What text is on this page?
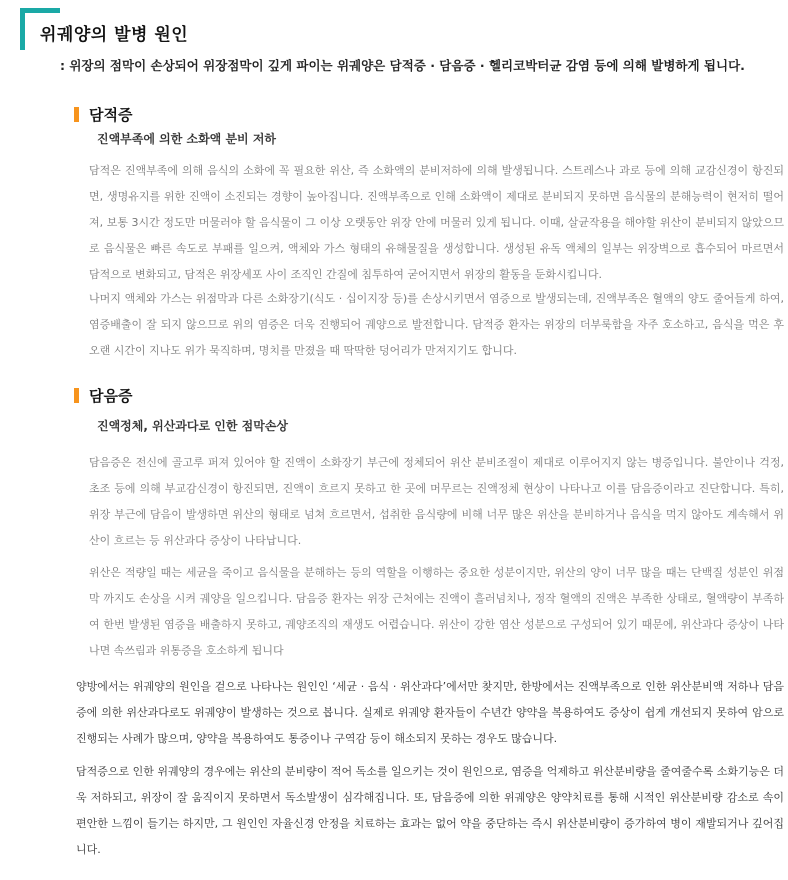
위궤양의 발병 원인

: 위장의 점막이 손상되어 위장점막이 깊게 파이는 위궤양은 담적증 · 담음증 · 헬리코박터균 감염 등에 의해 발병하게 됩니다.

담적증

진액부족에 의한 소화액 분비 저하

담적은 진액부족에 의해 음식의 소화에 꼭 필요한 위산, 즉 소화액의 분비저하에 의해 발생됩니다. 스트레스나 과로 등에 의해 교감신경이 항진되면, 생명유지를 위한 진액이 소진되는 경향이 높아집니다. 진액부족으로 인해 소화액이 제대로 분비되지 못하면 음식물의 분해능력이 현저히 떨어져, 보통 3시간 정도만 머물러야 할 음식물이 그 이상 오랫동안 위장 안에 머물러 있게 됩니다. 이때, 살균작용을 해야할 위산이 분비되지 않았으므로 음식물은 빠른 속도로 부패를 일으켜, 액체와 가스 형태의 유해물질을 생성합니다. 생성된 유독 액체의 일부는 위장벽으로 흡수되어 마르면서 담적으로 변화되고, 담적은 위장세포 사이 조직인 간질에 침투하여 굳어지면서 위장의 활동을 둔화시킵니다.

나머지 액체와 가스는 위점막과 다른 소화장기(식도 · 십이지장 등)를 손상시키면서 염증으로 발생되는데, 진액부족은 혈액의 양도 줄어들게 하여, 염증배출이 잘 되지 않으므로 위의 염증은 더욱 진행되어 궤양으로 발전합니다. 담적증 환자는 위장의 더부룩함을 자주 호소하고, 음식을 먹은 후 오랜 시간이 지나도 위가 묵직하며, 명치를 만졌을 때 딱딱한 덩어리가 만져지기도 합니다.

담음증

진액정체, 위산과다로 인한 점막손상

담음증은 전신에 골고루 퍼져 있어야 할 진액이 소화장기 부근에 정체되어 위산 분비조절이 제대로 이루어지지 않는 병증입니다. 불안이나 걱정, 초조 등에 의해 부교감신경이 항진되면, 진액이 흐르지 못하고 한 곳에 머무르는 진액정체 현상이 나타나고 이를 담음증이라고 진단합니다. 특히, 위장 부근에 담음이 발생하면 위산의 형태로 넘쳐 흐르면서, 섭취한 음식량에 비해 너무 많은 위산을 분비하거나 음식을 먹지 않아도 계속해서 위산이 흐르는 등 위산과다 증상이 나타납니다.

위산은 적량일 때는 세균을 죽이고 음식물을 분해하는 등의 역할을 이행하는 중요한 성분이지만, 위산의 양이 너무 많을 때는 단백질 성분인 위점막 까지도 손상을 시켜 궤양을 일으킵니다. 담음증 환자는 위장 근처에는 진액이 흘러넘치나, 정작 혈액의 진액은 부족한 상태로, 혈액량이 부족하여 한번 발생된 염증을 배출하지 못하고, 궤양조직의 재생도 어렵습니다. 위산이 강한 염산 성분으로 구성되어 있기 때문에, 위산과다 증상이 나타나면 속쓰림과 위통증을 호소하게 됩니다

양방에서는 위궤양의 원인을 겉으로 나타나는 원인인 ‘세균 · 음식 · 위산과다’에서만 찾지만, 한방에서는 진액부족으로 인한 위산분비액 저하나 담음증에 의한 위산과다로도 위궤양이 발생하는 것으로 봅니다. 실제로 위궤양 환자들이 수년간 양약을 복용하여도 증상이 쉽게 개선되지 못하여 암으로 진행되는 사례가 많으며, 양약을 복용하여도 통증이나 구역감 등이 해소되지 못하는 경우도 많습니다.

담적증으로 인한 위궤양의 경우에는 위산의 분비량이 적어 독소를 일으키는 것이 원인으로, 염증을 억제하고 위산분비량을 줄여줄수록 소화기능은 더욱 저하되고, 위장이 잘 움직이지 못하면서 독소발생이 심각해집니다. 또, 담음증에 의한 위궤양은 양약치료를 통해 시적인 위산분비량 감소로 속이 편안한 느낌이 들기는 하지만, 그 원인인 자율신경 안정을 치료하는 효과는 없어 약을 중단하는 즉시 위산분비량이 증가하여 병이 재발되거나 깊어집니다.
